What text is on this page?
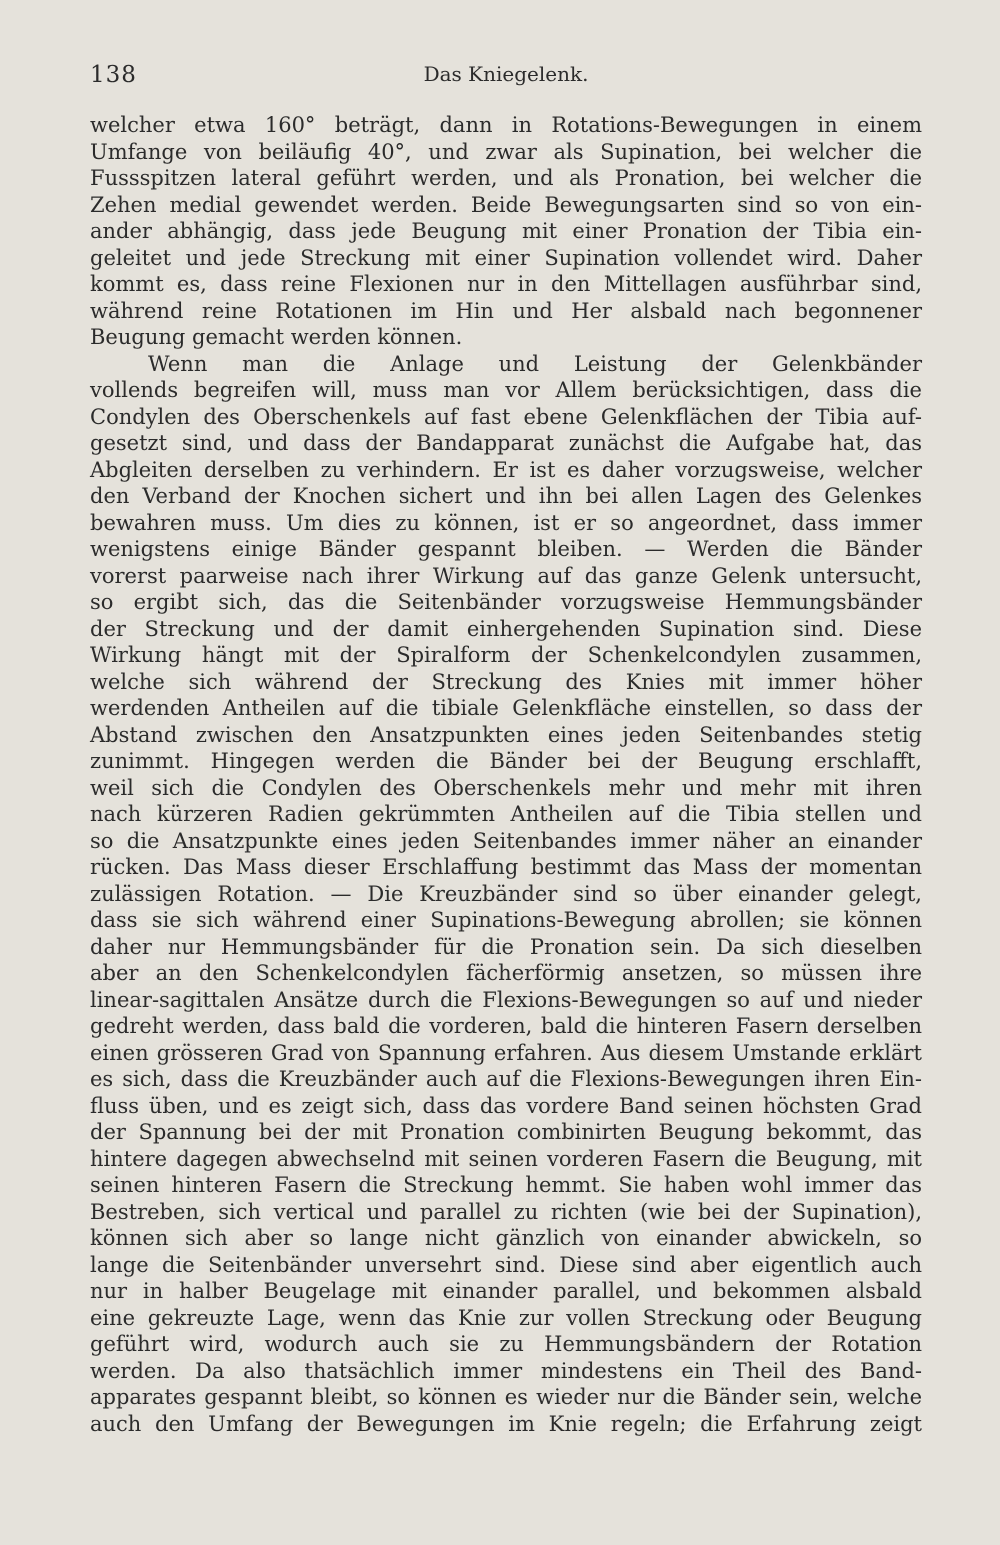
138	Das Kniegelenk.
welcher etwa 160° beträgt, dann in Rotations-Bewegungen in einem
Umfange von beiläufig 40°, und zwar als Supination, bei welcher die
Fussspitzen lateral geführt werden, und als Pronation, bei welcher die
Zehen medial gewendet werden. Beide Bewegungsarten sind so von ein-
ander abhängig, dass jede Beugung mit einer Pronation der Tibia ein-
geleitet und jede Streckung mit einer Supination vollendet wird. Daher
kommt es, dass reine Flexionen nur in den Mittellagen ausführbar sind,
während reine Rotationen im Hin und Her alsbald nach begonnener
Beugung gemacht werden können.
Wenn man die Anlage und Leistung der Gelenkbänder
vollends begreifen will, muss man vor Allem berücksichtigen, dass die
Condylen des Oberschenkels auf fast ebene Gelenkflächen der Tibia auf-
gesetzt sind, und dass der Bandapparat zunächst die Aufgabe hat, das
Abgleiten derselben zu verhindern. Er ist es daher vorzugsweise, welcher
den Verband der Knochen sichert und ihn bei allen Lagen des Gelenkes
bewahren muss. Um dies zu können, ist er so angeordnet, dass immer
wenigstens einige Bänder gespannt bleiben. — Werden die Bänder
vorerst paarweise nach ihrer Wirkung auf das ganze Gelenk untersucht,
so ergibt sich, das die Seitenbänder vorzugsweise Hemmungsbänder
der Streckung und der damit einhergehenden Supination sind. Diese
Wirkung hängt mit der Spiralform der Schenkelcondylen zusammen,
welche sich während der Streckung des Knies mit immer höher
werdenden Antheilen auf die tibiale Gelenkfläche einstellen, so dass der
Abstand zwischen den Ansatzpunkten eines jeden Seitenbandes stetig
zunimmt. Hingegen werden die Bänder bei der Beugung erschlafft,
weil sich die Condylen des Oberschenkels mehr und mehr mit ihren
nach kürzeren Radien gekrümmten Antheilen auf die Tibia stellen und
so die Ansatzpunkte eines jeden Seitenbandes immer näher an einander
rücken. Das Mass dieser Erschlaffung bestimmt das Mass der momentan
zulässigen Rotation. — Die Kreuzbänder sind so über einander gelegt,
dass sie sich während einer Supinations-Bewegung abrollen; sie können
daher nur Hemmungsbänder für die Pronation sein. Da sich dieselben
aber an den Schenkelcondylen fächerförmig ansetzen, so müssen ihre
linear-sagittalen Ansätze durch die Flexions-Bewegungen so auf und nieder
gedreht werden, dass bald die vorderen, bald die hinteren Fasern derselben
einen grösseren Grad von Spannung erfahren. Aus diesem Umstande erklärt
es sich, dass die Kreuzbänder auch auf die Flexions-Bewegungen ihren Ein-
fluss üben, und es zeigt sich, dass das vordere Band seinen höchsten Grad
der Spannung bei der mit Pronation combinirten Beugung bekommt, das
hintere dagegen abwechselnd mit seinen vorderen Fasern die Beugung, mit
seinen hinteren Fasern die Streckung hemmt. Sie haben wohl immer das
Bestreben, sich vertical und parallel zu richten (wie bei der Supination),
können sich aber so lange nicht gänzlich von einander abwickeln, so
lange die Seitenbänder unversehrt sind. Diese sind aber eigentlich auch
nur in halber Beugelage mit einander parallel, und bekommen alsbald
eine gekreuzte Lage, wenn das Knie zur vollen Streckung oder Beugung
geführt wird, wodurch auch sie zu Hemmungsbändern der Rotation
werden. Da also thatsächlich immer mindestens ein Theil des Band-
apparates gespannt bleibt, so können es wieder nur die Bänder sein, welche
auch den Umfang der Bewegungen im Knie regeln; die Erfahrung zeigt
